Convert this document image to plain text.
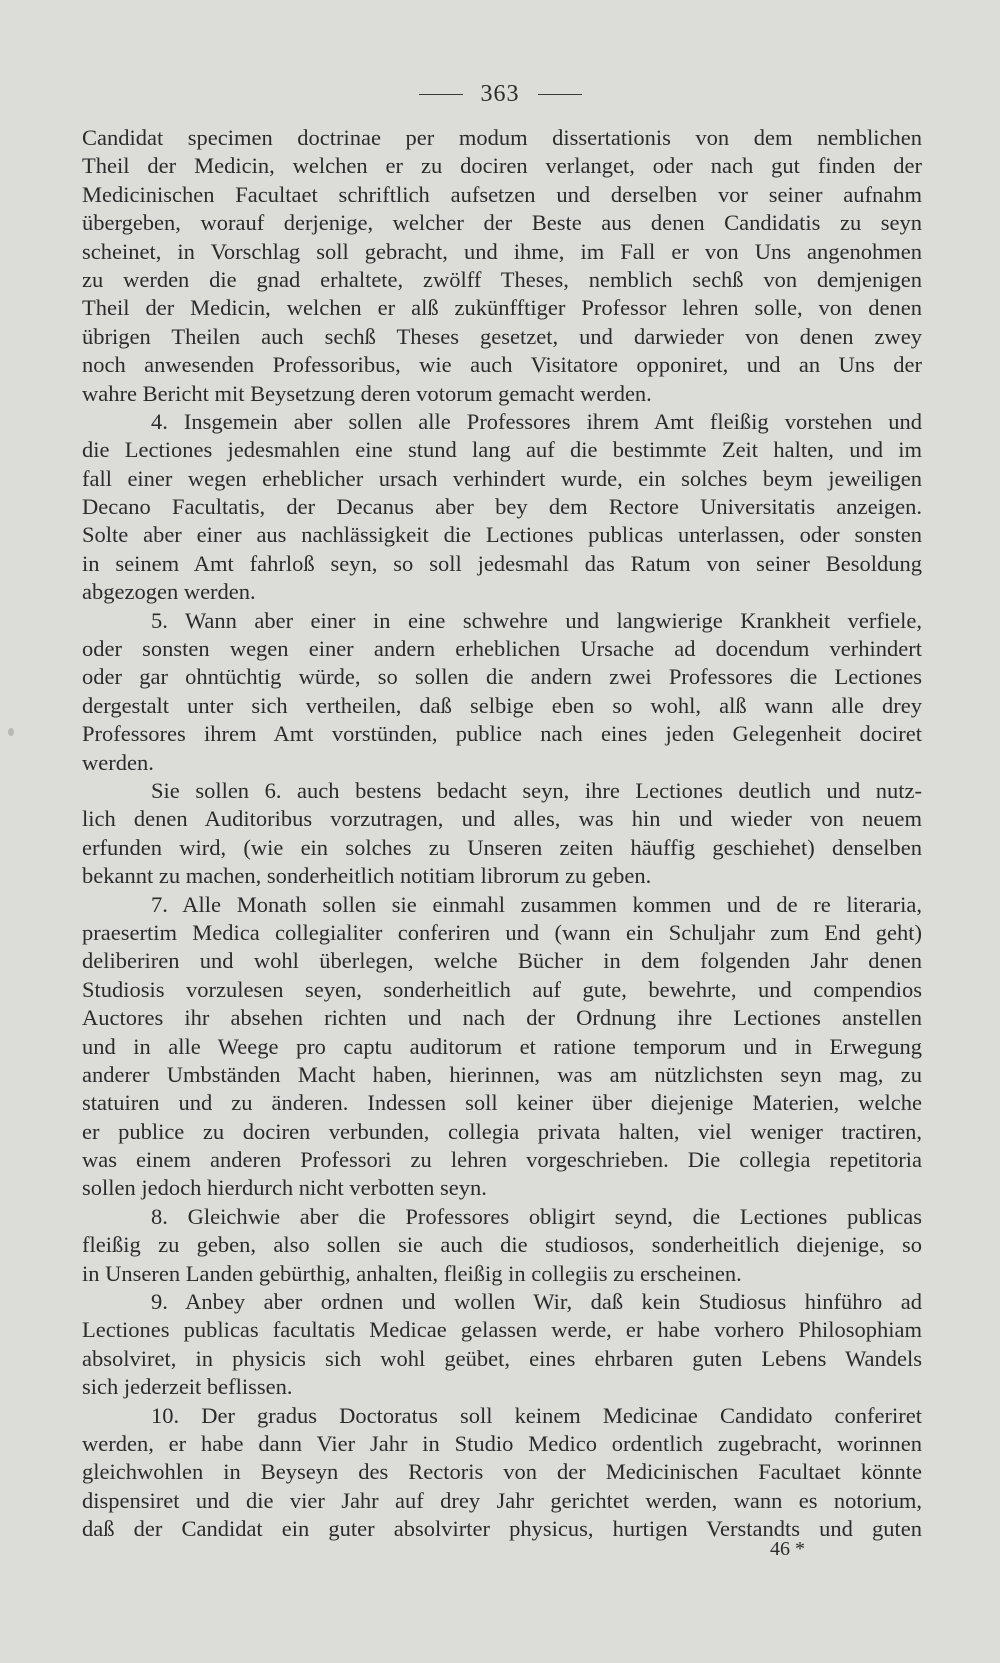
363
Candidat specimen doctrinae per modum dissertationis von dem nemblichen
Theil der Medicin, welchen er zu dociren verlanget, oder nach gut finden der
Medicinischen Facultaet schriftlich aufsetzen und derselben vor seiner aufnahm
übergeben, worauf derjenige, welcher der Beste aus denen Candidatis zu seyn
scheinet, in Vorschlag soll gebracht, und ihme, im Fall er von Uns angenohmen
zu werden die gnad erhaltete, zwölff Theses, nemblich sechß von demjenigen
Theil der Medicin, welchen er alß zukünfftiger Professor lehren solle, von denen
übrigen Theilen auch sechß Theses gesetzet, und darwieder von denen zwey
noch anwesenden Professoribus, wie auch Visitatore opponiret, und an Uns der
wahre Bericht mit Beysetzung deren votorum gemacht werden.
4. Insgemein aber sollen alle Professores ihrem Amt fleißig vorstehen und
die Lectiones jedesmahlen eine stund lang auf die bestimmte Zeit halten, und im
fall einer wegen erheblicher ursach verhindert wurde, ein solches beym jeweiligen
Decano Facultatis, der Decanus aber bey dem Rectore Universitatis anzeigen.
Solte aber einer aus nachlässigkeit die Lectiones publicas unterlassen, oder sonsten
in seinem Amt fahrloß seyn, so soll jedesmahl das Ratum von seiner Besoldung
abgezogen werden.
5. Wann aber einer in eine schwehre und langwierige Krankheit verfiele,
oder sonsten wegen einer andern erheblichen Ursache ad docendum verhindert
oder gar ohntüchtig würde, so sollen die andern zwei Professores die Lectiones
dergestalt unter sich vertheilen, daß selbige eben so wohl, alß wann alle drey
Professores ihrem Amt vorstünden, publice nach eines jeden Gelegenheit dociret
werden.
Sie sollen 6. auch bestens bedacht seyn, ihre Lectiones deutlich und nutz-
lich denen Auditoribus vorzutragen, und alles, was hin und wieder von neuem
erfunden wird, (wie ein solches zu Unseren zeiten häuffig geschiehet) denselben
bekannt zu machen, sonderheitlich notitiam librorum zu geben.
7. Alle Monath sollen sie einmahl zusammen kommen und de re literaria,
praesertim Medica collegialiter conferiren und (wann ein Schuljahr zum End geht)
deliberiren und wohl überlegen, welche Bücher in dem folgenden Jahr denen
Studiosis vorzulesen seyen, sonderheitlich auf gute, bewehrte, und compendios
Auctores ihr absehen richten und nach der Ordnung ihre Lectiones anstellen
und in alle Weege pro captu auditorum et ratione temporum und in Erwegung
anderer Umbständen Macht haben, hierinnen, was am nützlichsten seyn mag, zu
statuiren und zu änderen. Indessen soll keiner über diejenige Materien, welche
er publice zu dociren verbunden, collegia privata halten, viel weniger tractiren,
was einem anderen Professori zu lehren vorgeschrieben. Die collegia repetitoria
sollen jedoch hierdurch nicht verbotten seyn.
8. Gleichwie aber die Professores obligirt seynd, die Lectiones publicas
fleißig zu geben, also sollen sie auch die studiosos, sonderheitlich diejenige, so
in Unseren Landen gebürthig, anhalten, fleißig in collegiis zu erscheinen.
9. Anbey aber ordnen und wollen Wir, daß kein Studiosus hinführo ad
Lectiones publicas facultatis Medicae gelassen werde, er habe vorhero Philosophiam
absolviret, in physicis sich wohl geübet, eines ehrbaren guten Lebens Wandels
sich jederzeit beflissen.
10. Der gradus Doctoratus soll keinem Medicinae Candidato conferiret
werden, er habe dann Vier Jahr in Studio Medico ordentlich zugebracht, worinnen
gleichwohlen in Beyseyn des Rectoris von der Medicinischen Facultaet könnte
dispensiret und die vier Jahr auf drey Jahr gerichtet werden, wann es notorium,
daß der Candidat ein guter absolvirter physicus, hurtigen Verstandts und guten
46 *
